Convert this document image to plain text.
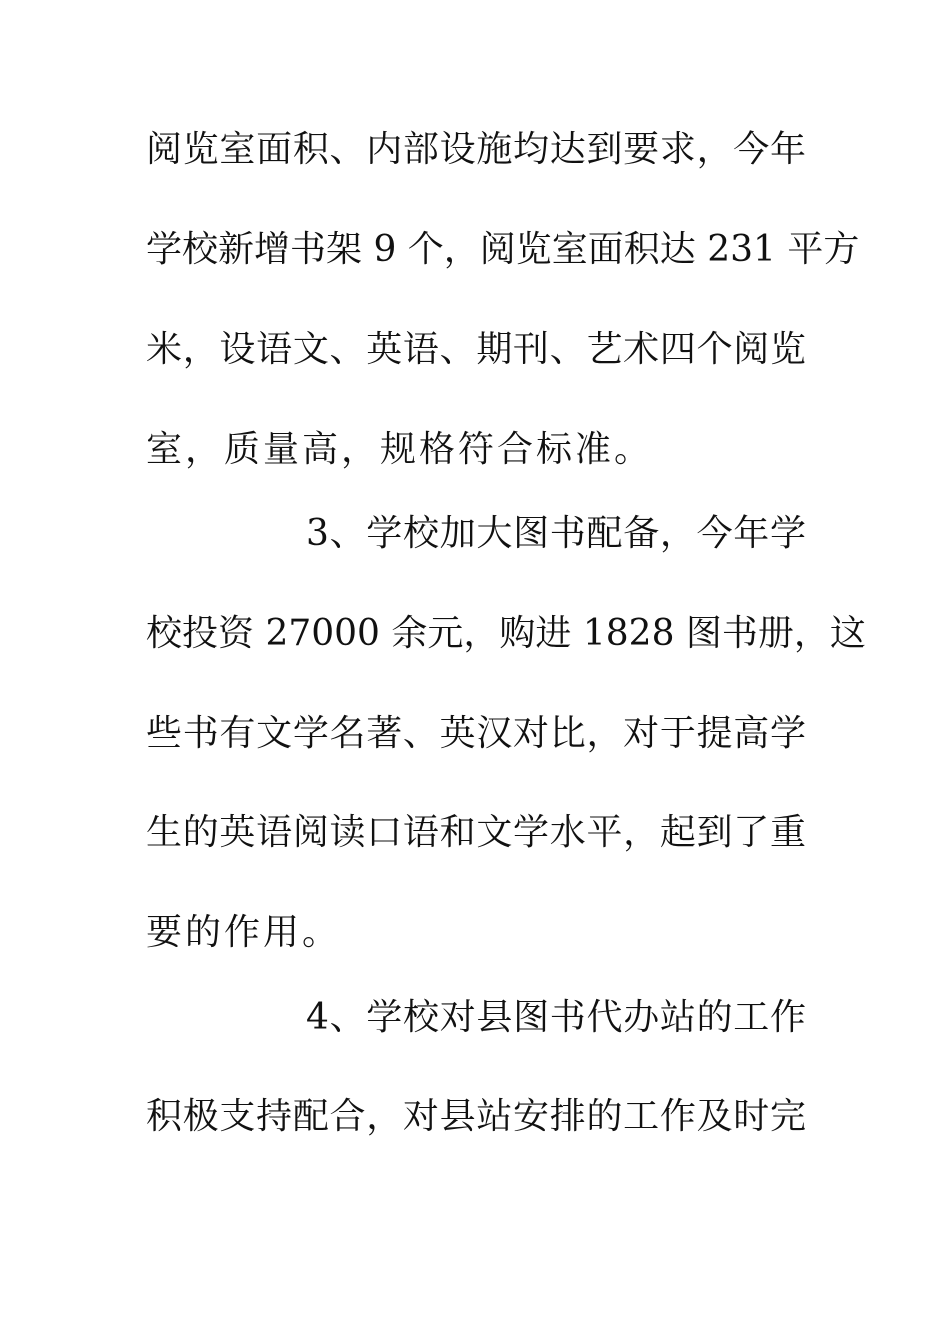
阅览室面积、内部设施均达到要求，今年
学校新增书架 9 个，阅览室面积达 231 平方
米，设语文、英语、期刊、艺术四个阅览
室，质量高，规格符合标准。
3、学校加大图书配备，今年学
校投资 27000 余元，购进 1828 图书册，这
些书有文学名著、英汉对比，对于提高学
生的英语阅读口语和文学水平，起到了重
要的作用。
4、学校对县图书代办站的工作
积极支持配合，对县站安排的工作及时完
